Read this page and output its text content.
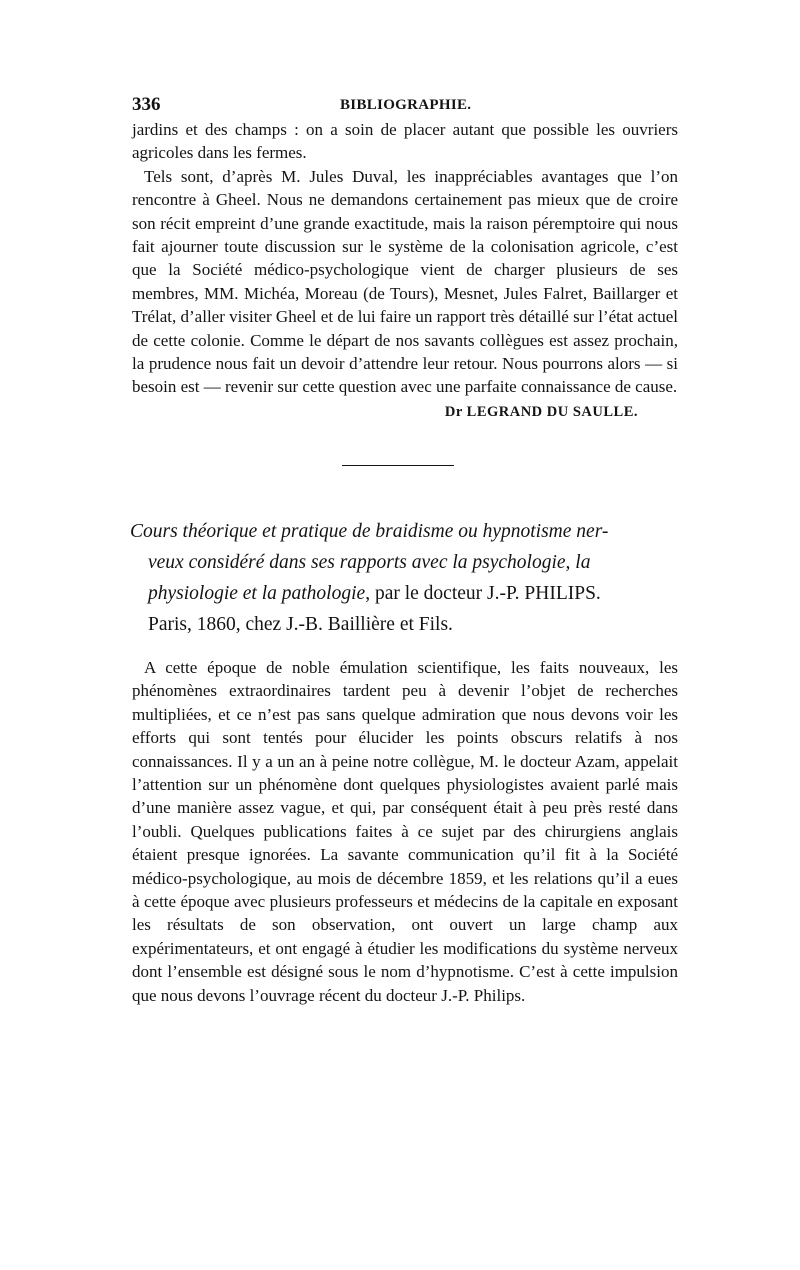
336	BIBLIOGRAPHIE.

jardins et des champs : on a soin de placer autant que possible les ouvriers agricoles dans les fermes.

Tels sont, d’après M. Jules Duval, les inappréciables avantages que l’on rencontre à Gheel. Nous ne demandons certainement pas mieux que de croire son récit empreint d’une grande exactitude, mais la raison péremptoire qui nous fait ajourner toute discussion sur le système de la colonisation agricole, c’est que la Société médico-psychologique vient de charger plusieurs de ses membres, MM. Michéa, Moreau (de Tours), Mesnet, Jules Falret, Baillarger et Trélat, d’aller visiter Gheel et de lui faire un rapport très détaillé sur l’état actuel de cette colonie. Comme le départ de nos savants collègues est assez prochain, la prudence nous fait un devoir d’attendre leur retour. Nous pourrons alors — si besoin est — revenir sur cette question avec une parfaite connaissance de cause.

Dr LEGRAND DU SAULLE.

Cours théorique et pratique de braidisme ou hypnotisme ner-
veux considéré dans ses rapports avec la psychologie, la
physiologie et la pathologie, par le docteur J.-P. PHILIPS.
Paris, 1860, chez J.-B. Baillière et Fils.

A cette époque de noble émulation scientifique, les faits nouveaux, les phénomènes extraordinaires tardent peu à devenir l’objet de recherches multipliées, et ce n’est pas sans quelque admiration que nous devons voir les efforts qui sont tentés pour élucider les points obscurs relatifs à nos connaissances. Il y a un an à peine notre collègue, M. le docteur Azam, appelait l’attention sur un phénomène dont quelques physiologistes avaient parlé mais d’une manière assez vague, et qui, par conséquent était à peu près resté dans l’oubli. Quelques publications faites à ce sujet par des chirurgiens anglais étaient presque ignorées. La savante communication qu’il fit à la Société médico-psychologique, au mois de décembre 1859, et les relations qu’il a eues à cette époque avec plusieurs professeurs et médecins de la capitale en exposant les résultats de son observation, ont ouvert un large champ aux expérimentateurs, et ont engagé à étudier les modifications du système nerveux dont l’ensemble est désigné sous le nom d’hypnotisme. C’est à cette impulsion que nous devons l’ouvrage récent du docteur J.-P. Philips.
